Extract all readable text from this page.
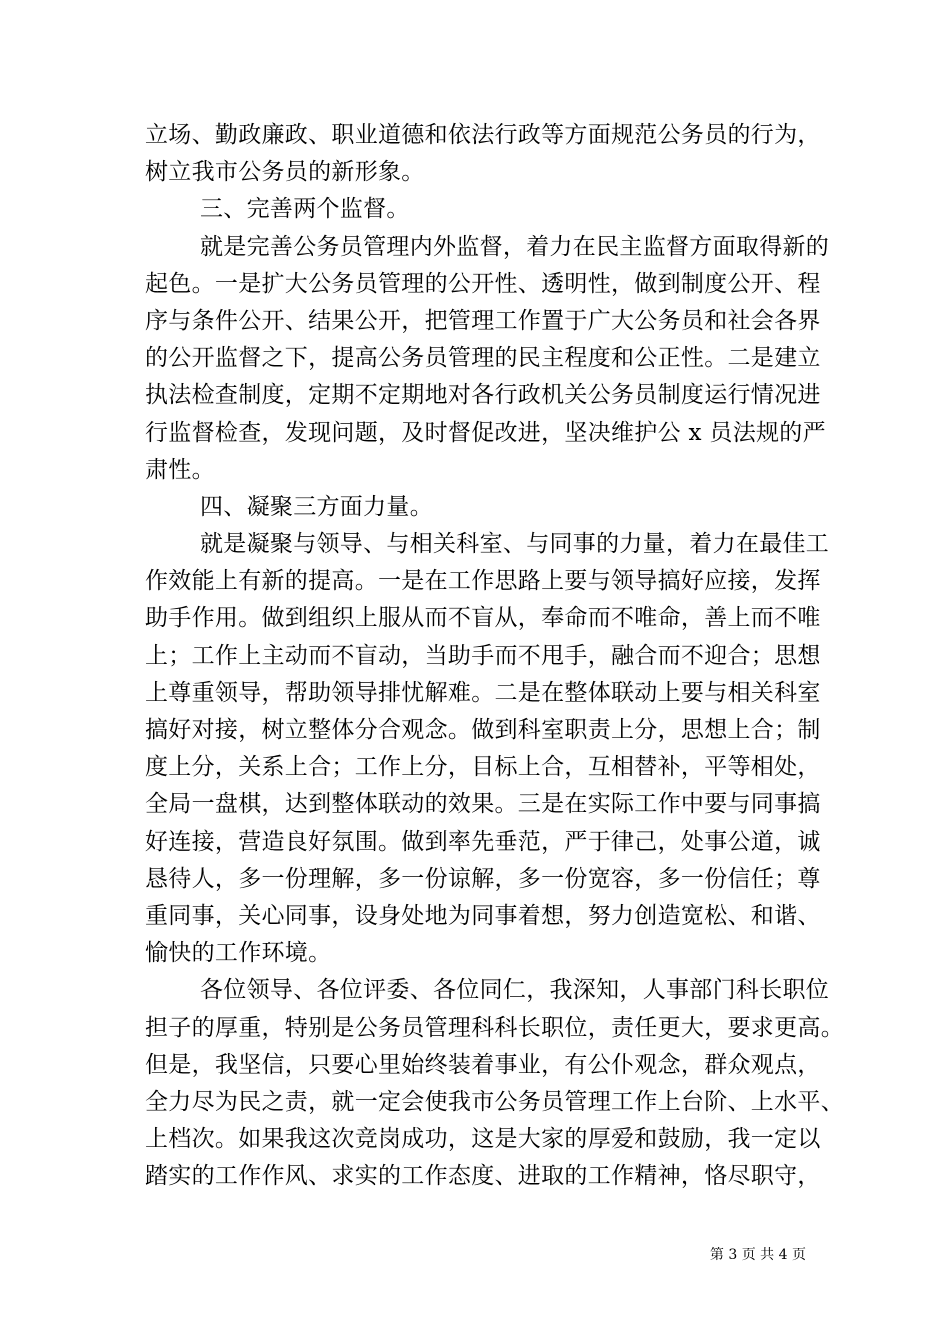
立场、勤政廉政、职业道德和依法行政等方面规范公务员的行为，
树立我市公务员的新形象。
三、完善两个监督。
就是完善公务员管理内外监督，着力在民主监督方面取得新的
起色。一是扩大公务员管理的公开性、透明性，做到制度公开、程
序与条件公开、结果公开，把管理工作置于广大公务员和社会各界
的公开监督之下，提高公务员管理的民主程度和公正性。二是建立
执法检查制度，定期不定期地对各行政机关公务员制度运行情况进
行监督检查，发现问题，及时督促改进，坚决维护公 x 员法规的严
肃性。
四、凝聚三方面力量。
就是凝聚与领导、与相关科室、与同事的力量，着力在最佳工
作效能上有新的提高。一是在工作思路上要与领导搞好应接，发挥
助手作用。做到组织上服从而不盲从，奉命而不唯命，善上而不唯
上；工作上主动而不盲动，当助手而不甩手，融合而不迎合；思想
上尊重领导，帮助领导排忧解难。二是在整体联动上要与相关科室
搞好对接，树立整体分合观念。做到科室职责上分，思想上合；制
度上分，关系上合；工作上分，目标上合，互相替补，平等相处，
全局一盘棋，达到整体联动的效果。三是在实际工作中要与同事搞
好连接，营造良好氛围。做到率先垂范，严于律己，处事公道，诚
恳待人，多一份理解，多一份谅解，多一份宽容，多一份信任；尊
重同事，关心同事，设身处地为同事着想，努力创造宽松、和谐、
愉快的工作环境。
各位领导、各位评委、各位同仁，我深知，人事部门科长职位
担子的厚重，特别是公务员管理科科长职位，责任更大，要求更高。
但是，我坚信，只要心里始终装着事业，有公仆观念，群众观点，
全力尽为民之责，就一定会使我市公务员管理工作上台阶、上水平、
上档次。如果我这次竞岗成功，这是大家的厚爱和鼓励，我一定以
踏实的工作作风、求实的工作态度、进取的工作精神，恪尽职守，
第 3 页 共 4 页
